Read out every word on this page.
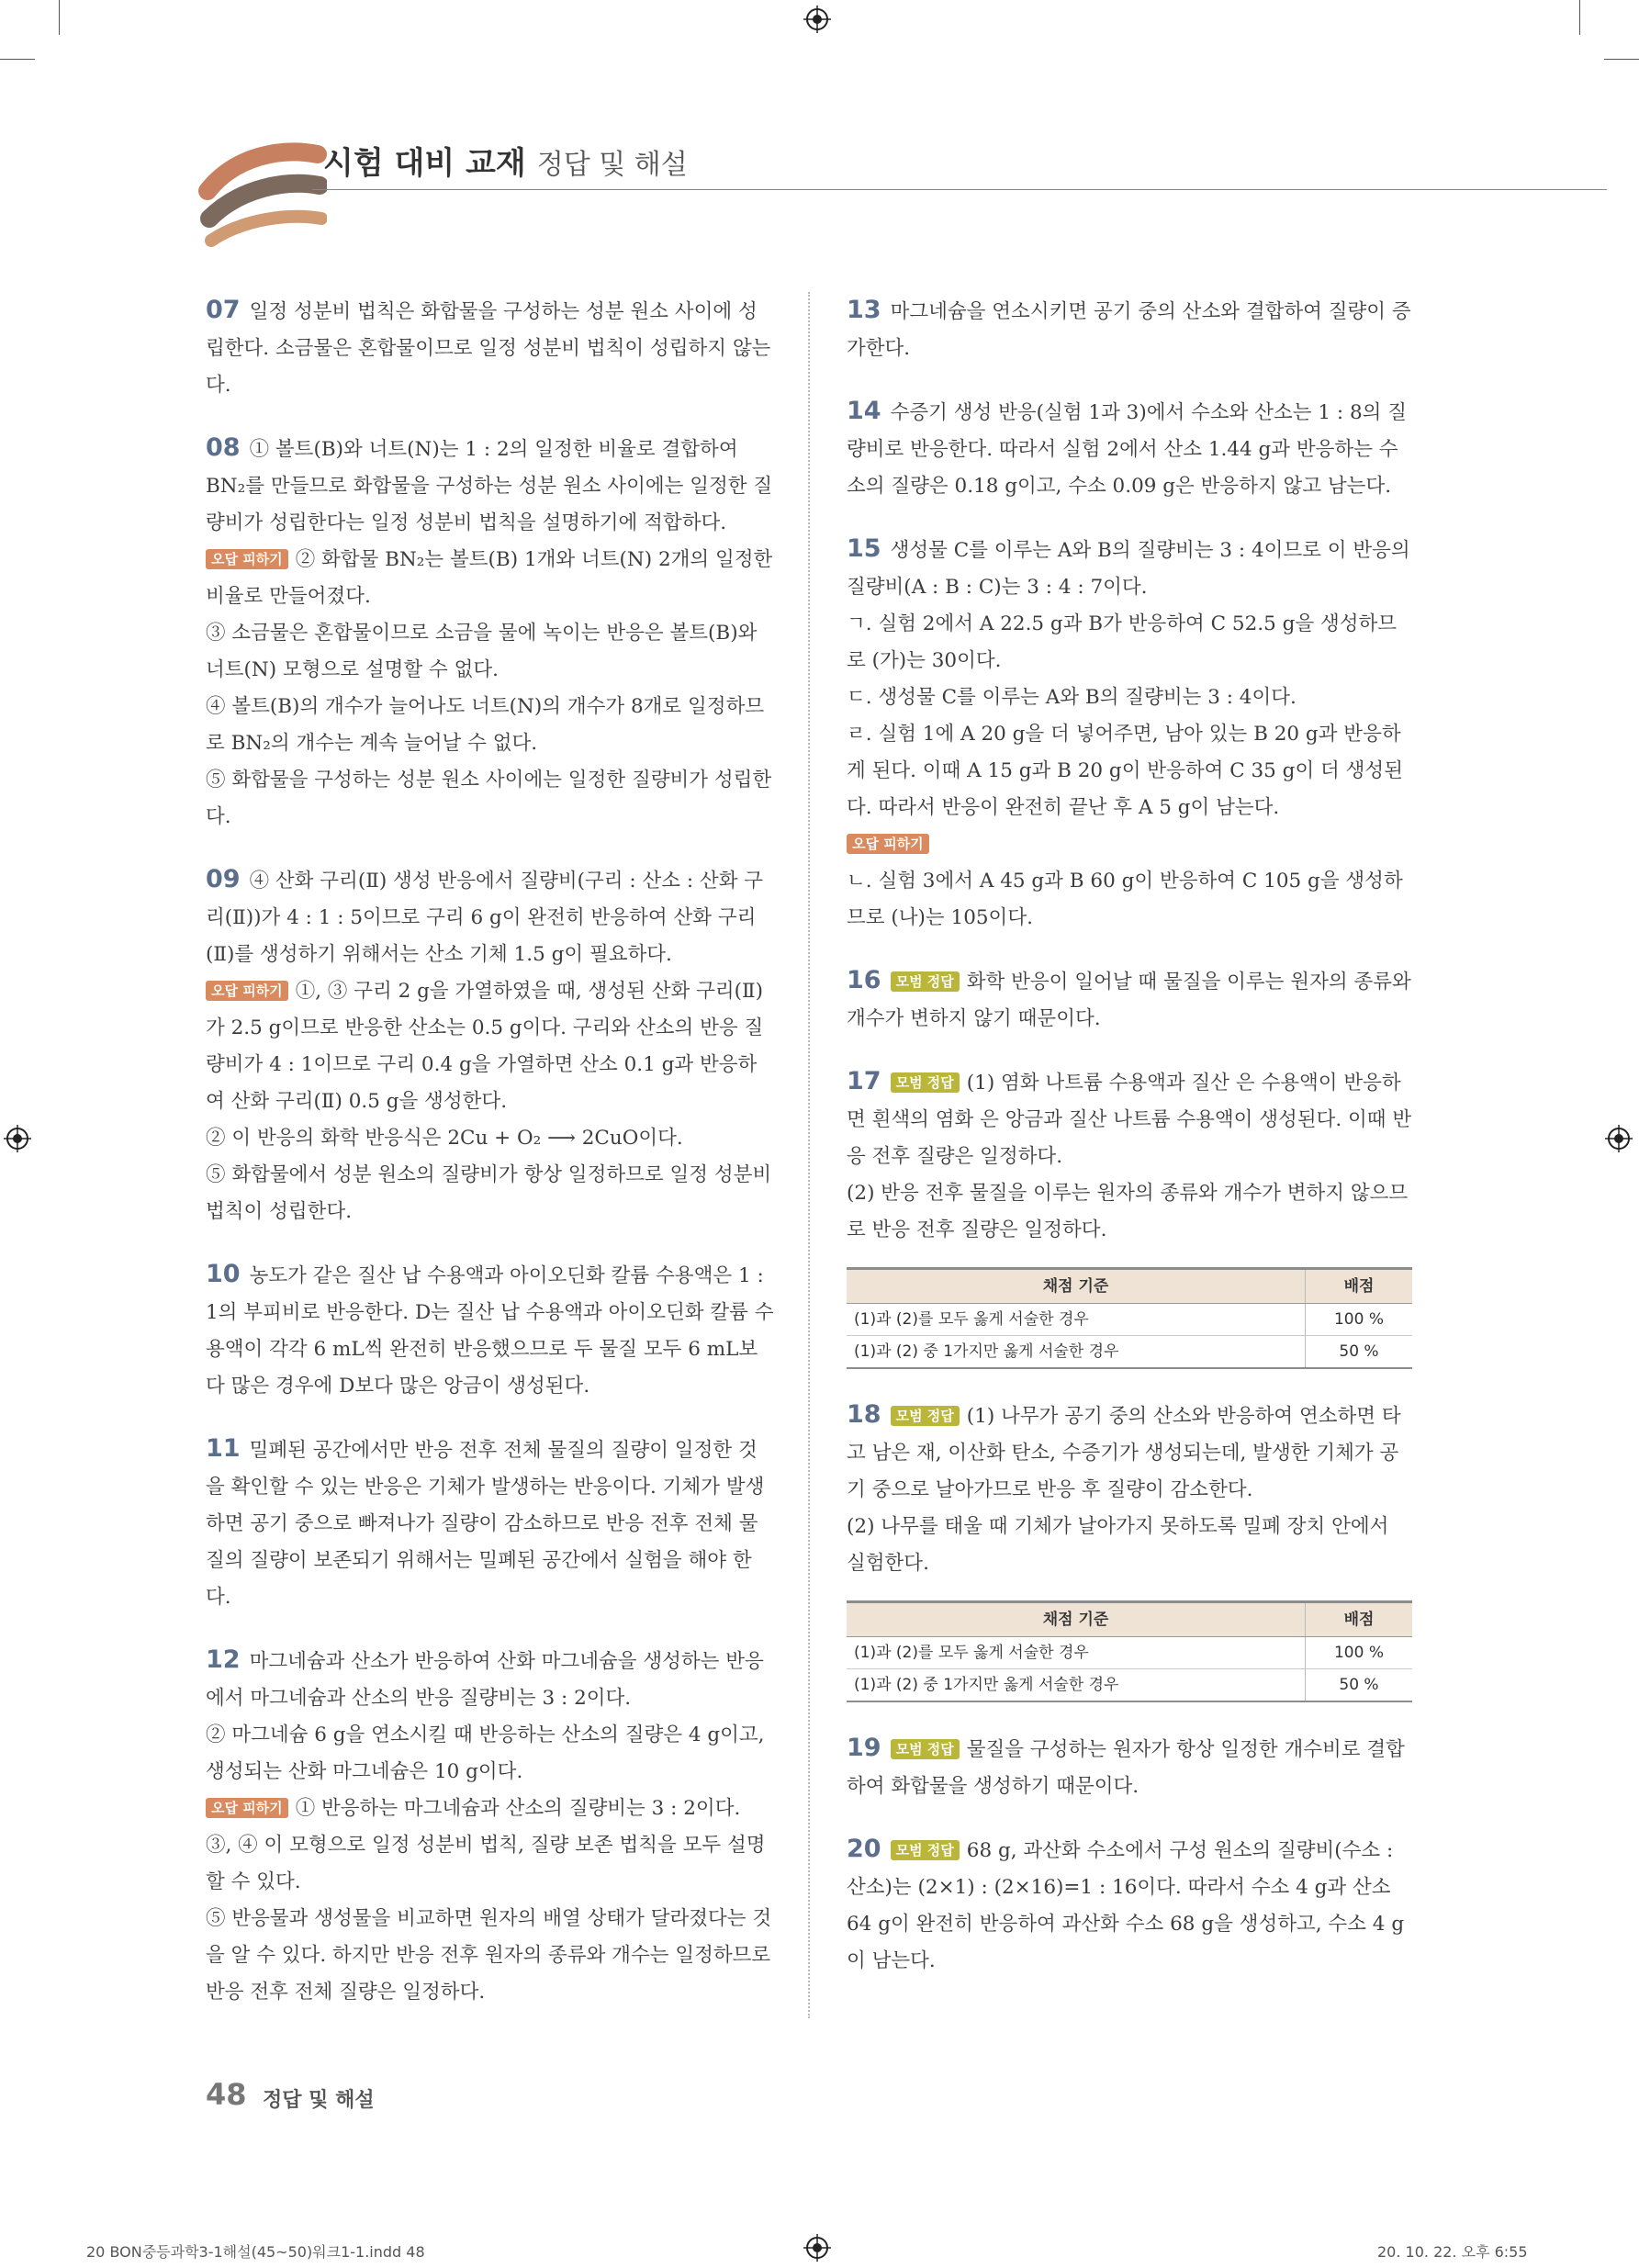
시험 대비 교재 정답 및 해설

07 일정 성분비 법칙은 화합물을 구성하는 성분 원소 사이에 성립한다. 소금물은 혼합물이므로 일정 성분비 법칙이 성립하지 않는다.

08 ① 볼트(B)와 너트(N)는 1 : 2의 일정한 비율로 결합하여 BN₂를 만들므로 화합물을 구성하는 성분 원소 사이에는 일정한 질량비가 성립한다는 일정 성분비 법칙을 설명하기에 적합하다.

오답 피하기 ② 화합물 BN₂는 볼트(B) 1개와 너트(N) 2개의 일정한 비율로 만들어졌다.

③ 소금물은 혼합물이므로 소금을 물에 녹이는 반응은 볼트(B)와 너트(N) 모형으로 설명할 수 없다.

④ 볼트(B)의 개수가 늘어나도 너트(N)의 개수가 8개로 일정하므로 BN₂의 개수는 계속 늘어날 수 없다.

⑤ 화합물을 구성하는 성분 원소 사이에는 일정한 질량비가 성립한다.

09 ④ 산화 구리(Ⅱ) 생성 반응에서 질량비(구리 : 산소 : 산화 구리(Ⅱ))가 4 : 1 : 5이므로 구리 6 g이 완전히 반응하여 산화 구리(Ⅱ)를 생성하기 위해서는 산소 기체 1.5 g이 필요하다.

오답 피하기 ①, ③ 구리 2 g을 가열하였을 때, 생성된 산화 구리(Ⅱ)가 2.5 g이므로 반응한 산소는 0.5 g이다. 구리와 산소의 반응 질량비가 4 : 1이므로 구리 0.4 g을 가열하면 산소 0.1 g과 반응하여 산화 구리(Ⅱ) 0.5 g을 생성한다.

② 이 반응의 화학 반응식은 2Cu + O₂ ⟶ 2CuO이다.

⑤ 화합물에서 성분 원소의 질량비가 항상 일정하므로 일정 성분비 법칙이 성립한다.

10 농도가 같은 질산 납 수용액과 아이오딘화 칼륨 수용액은 1 : 1의 부피비로 반응한다. D는 질산 납 수용액과 아이오딘화 칼륨 수용액이 각각 6 mL씩 완전히 반응했으므로 두 물질 모두 6 mL보다 많은 경우에 D보다 많은 앙금이 생성된다.

11 밀폐된 공간에서만 반응 전후 전체 물질의 질량이 일정한 것을 확인할 수 있는 반응은 기체가 발생하는 반응이다. 기체가 발생하면 공기 중으로 빠져나가 질량이 감소하므로 반응 전후 전체 물질의 질량이 보존되기 위해서는 밀폐된 공간에서 실험을 해야 한다.

12 마그네슘과 산소가 반응하여 산화 마그네슘을 생성하는 반응에서 마그네슘과 산소의 반응 질량비는 3 : 2이다.

② 마그네슘 6 g을 연소시킬 때 반응하는 산소의 질량은 4 g이고, 생성되는 산화 마그네슘은 10 g이다.

오답 피하기 ① 반응하는 마그네슘과 산소의 질량비는 3 : 2이다.

③, ④ 이 모형으로 일정 성분비 법칙, 질량 보존 법칙을 모두 설명할 수 있다.

⑤ 반응물과 생성물을 비교하면 원자의 배열 상태가 달라졌다는 것을 알 수 있다. 하지만 반응 전후 원자의 종류와 개수는 일정하므로 반응 전후 전체 질량은 일정하다.

13 마그네슘을 연소시키면 공기 중의 산소와 결합하여 질량이 증가한다.

14 수증기 생성 반응(실험 1과 3)에서 수소와 산소는 1 : 8의 질량비로 반응한다. 따라서 실험 2에서 산소 1.44 g과 반응하는 수소의 질량은 0.18 g이고, 수소 0.09 g은 반응하지 않고 남는다.

15 생성물 C를 이루는 A와 B의 질량비는 3 : 4이므로 이 반응의 질량비(A : B : C)는 3 : 4 : 7이다.

ㄱ. 실험 2에서 A 22.5 g과 B가 반응하여 C 52.5 g을 생성하므로 (가)는 30이다.

ㄷ. 생성물 C를 이루는 A와 B의 질량비는 3 : 4이다.

ㄹ. 실험 1에 A 20 g을 더 넣어주면, 남아 있는 B 20 g과 반응하게 된다. 이때 A 15 g과 B 20 g이 반응하여 C 35 g이 더 생성된다. 따라서 반응이 완전히 끝난 후 A 5 g이 남는다.

오답 피하기

ㄴ. 실험 3에서 A 45 g과 B 60 g이 반응하여 C 105 g을 생성하므로 (나)는 105이다.

16 모범 정답 화학 반응이 일어날 때 물질을 이루는 원자의 종류와 개수가 변하지 않기 때문이다.

17 모범 정답 (1) 염화 나트륨 수용액과 질산 은 수용액이 반응하면 흰색의 염화 은 앙금과 질산 나트륨 수용액이 생성된다. 이때 반응 전후 질량은 일정하다.

(2) 반응 전후 물질을 이루는 원자의 종류와 개수가 변하지 않으므로 반응 전후 질량은 일정하다.

채점 기준	배점
(1)과 (2)를 모두 옳게 서술한 경우	100 %
(1)과 (2) 중 1가지만 옳게 서술한 경우	50 %

18 모범 정답 (1) 나무가 공기 중의 산소와 반응하여 연소하면 타고 남은 재, 이산화 탄소, 수증기가 생성되는데, 발생한 기체가 공기 중으로 날아가므로 반응 후 질량이 감소한다.

(2) 나무를 태울 때 기체가 날아가지 못하도록 밀폐 장치 안에서 실험한다.

채점 기준	배점
(1)과 (2)를 모두 옳게 서술한 경우	100 %
(1)과 (2) 중 1가지만 옳게 서술한 경우	50 %

19 모범 정답 물질을 구성하는 원자가 항상 일정한 개수비로 결합하여 화합물을 생성하기 때문이다.

20 모범 정답 68 g, 과산화 수소에서 구성 원소의 질량비(수소 : 산소)는 (2×1) : (2×16)=1 : 16이다. 따라서 수소 4 g과 산소 64 g이 완전히 반응하여 과산화 수소 68 g을 생성하고, 수소 4 g이 남는다.

48 정답 및 해설
20 BON중등과학3-1해설(45~50)워크1-1.indd 48	20. 10. 22. 오후 6:55
